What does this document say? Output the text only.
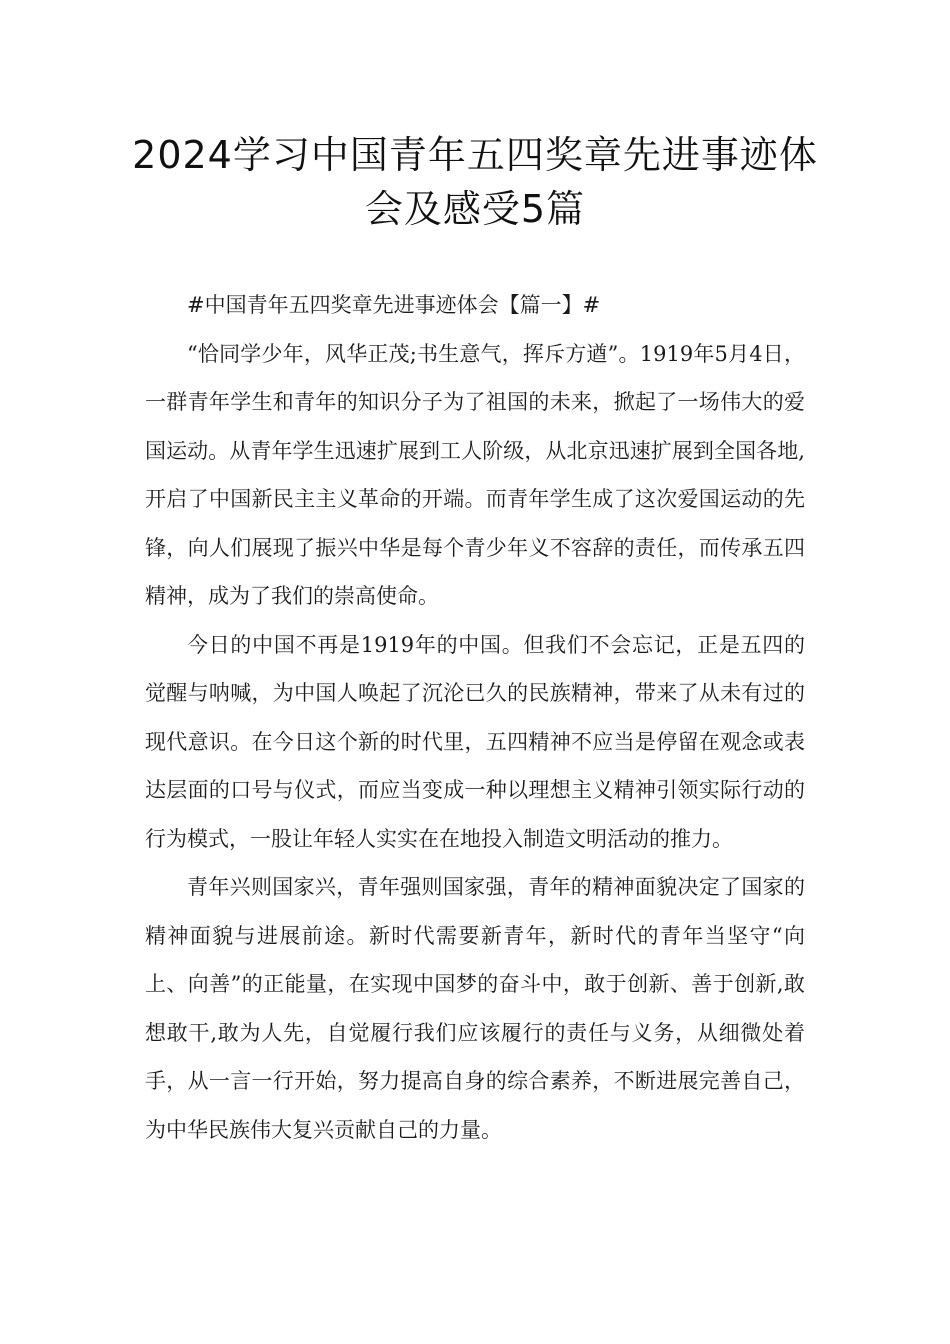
2024学习中国青年五四奖章先进事迹体会及感受5篇

#中国青年五四奖章先进事迹体会【篇一】#

“恰同学少年，风华正茂;书生意气，挥斥方遒”。1919年5月4日，一群青年学生和青年的知识分子为了祖国的未来，掀起了一场伟大的爱国运动。从青年学生迅速扩展到工人阶级，从北京迅速扩展到全国各地,开启了中国新民主主义革命的开端。而青年学生成了这次爱国运动的先锋，向人们展现了振兴中华是每个青少年义不容辞的责任，而传承五四精神，成为了我们的崇高使命。

今日的中国不再是1919年的中国。但我们不会忘记，正是五四的觉醒与呐喊，为中国人唤起了沉沦已久的民族精神，带来了从未有过的现代意识。在今日这个新的时代里，五四精神不应当是停留在观念或表达层面的口号与仪式，而应当变成一种以理想主义精神引领实际行动的行为模式，一股让年轻人实实在在地投入制造文明活动的推力。

青年兴则国家兴，青年强则国家强，青年的精神面貌决定了国家的精神面貌与进展前途。新时代需要新青年，新时代的青年当坚守“向上、向善”的正能量，在实现中国梦的奋斗中，敢于创新、善于创新,敢想敢干,敢为人先，自觉履行我们应该履行的责任与义务，从细微处着手，从一言一行开始，努力提高自身的综合素养，不断进展完善自己，为中华民族伟大复兴贡献自己的力量。
